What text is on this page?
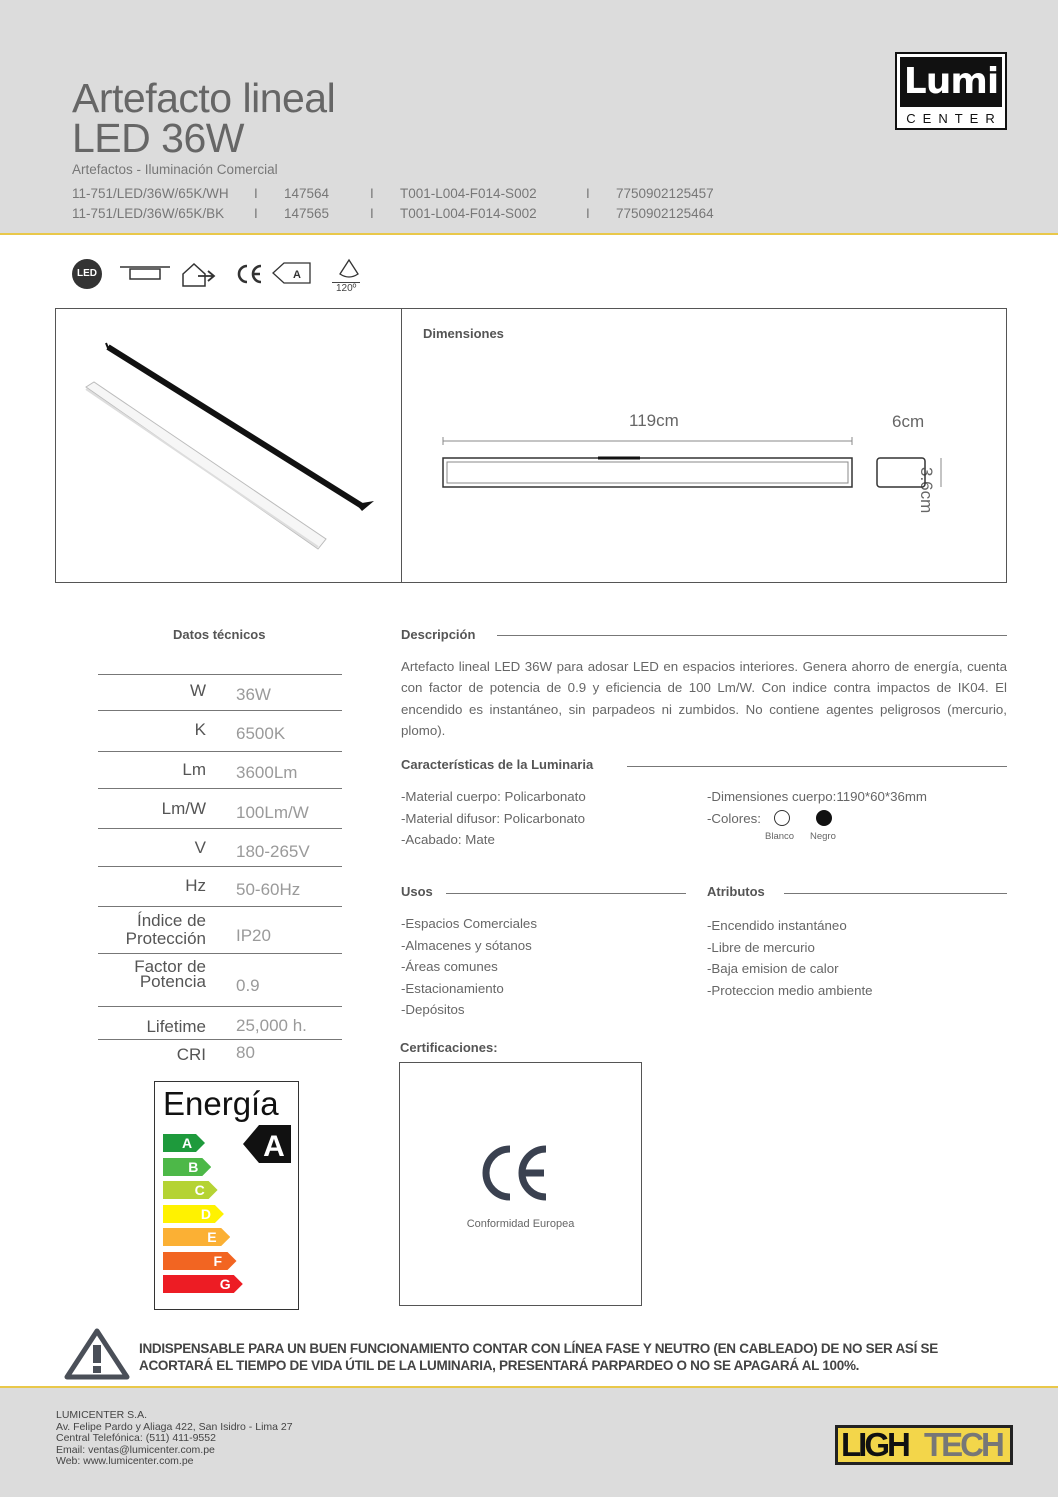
Artefacto lineal
LED 36W
Artefactos - Iluminación Comercial
11-751/LED/36W/65K/WH	I	147564	I	T001-L004-F014-S002	I	7750902125457
11-751/LED/36W/65K/BK	I	147565	I	T001-L004-F014-S002	I	7750902125464
Lumi
CENTER
LED	A
120º
Dimensiones
119cm	6cm
3.6cm
Datos técnicos	Descripción
W 36W
K 6500K
Lm 3600Lm
Lm/W 100Lm/W
V 180-265V
Hz 50-60Hz
Índice de Protección IP20
Factor de Potencia 0.9
Lifetime 25,000 h.
CRI 80
Artefacto lineal LED 36W para adosar LED en espacios interiores. Genera ahorro de energía, cuenta con factor de potencia de 0.9 y eficiencia de 100 Lm/W. Con indice contra impactos de IK04. El encendido es instantáneo, sin parpadeos ni zumbidos. No contiene agentes peligrosos (mercurio, plomo).
Características de la Luminaria
-Material cuerpo: Policarbonato
-Material difusor: Policarbonato
-Acabado: Mate
-Dimensiones cuerpo:1190*60*36mm
-Colores:
Blanco Negro
Usos
-Espacios Comerciales
-Almacenes y sótanos
-Áreas comunes
-Estacionamiento
-Depósitos
Atributos
-Encendido instantáneo
-Libre de mercurio
-Baja emision de calor
-Proteccion medio ambiente
Certificaciones:
Conformidad Europea
Energía
A
A
B
C
D
E
F
G
INDISPENSABLE PARA UN BUEN FUNCIONAMIENTO CONTAR CON LÍNEA FASE Y NEUTRO (EN CABLEADO) DE NO SER ASÍ SE ACORTARÁ EL TIEMPO DE VIDA ÚTIL DE LA LUMINARIA, PRESENTARÁ PARPARDEO O NO SE APAGARÁ AL 100%.
LUMICENTER S.A.
Av. Felipe Pardo y Aliaga 422, San Isidro - Lima 27
Central Telefónica: (511) 411-9552
Email: ventas@lumicenter.com.pe
Web: www.lumicenter.com.pe	LIGH TECH
